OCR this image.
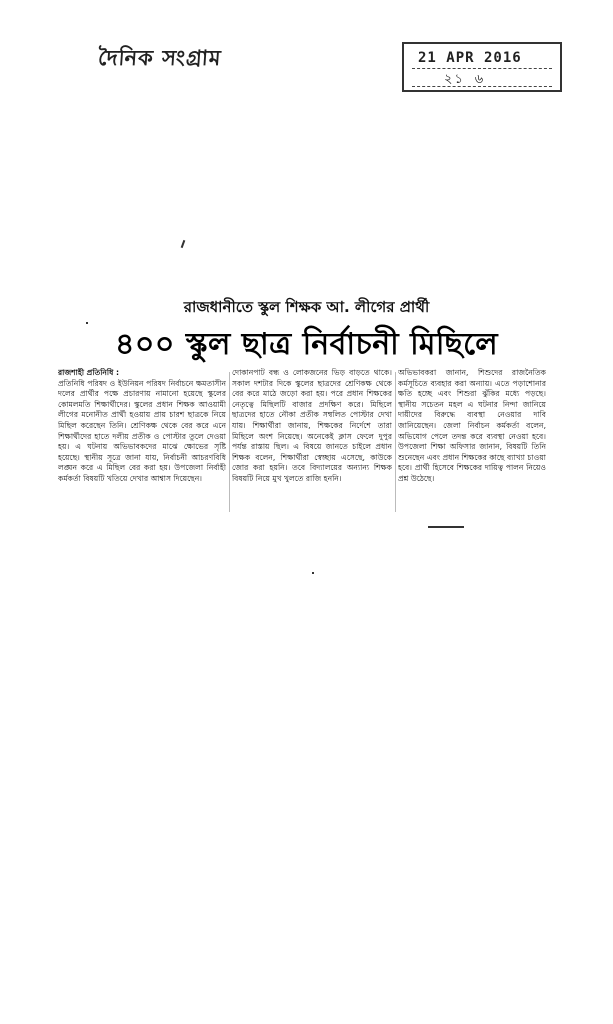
দৈনিক সংগ্রাম	21 APR 2016
২১ ৬
রাজধানীতে স্কুল শিক্ষক আ. লীগের প্রার্থী
৪০০ স্কুল ছাত্র নির্বাচনী মিছিলে

রাজশাহী প্রতিনিধি :

প্রতিনিধি পরিষদ ও ইউনিয়ন পরিষদ নির্বাচনে ক্ষমতাসীন দলের প্রার্থীর পক্ষে প্রচারণায় নামানো হয়েছে স্কুলের কোমলমতি শিক্ষার্থীদের। স্কুলের প্রধান শিক্ষক আওয়ামী লীগের মনোনীত প্রার্থী হওয়ায় প্রায় চারশ ছাত্রকে নিয়ে মিছিল করেছেন তিনি। শ্রেণিকক্ষ থেকে বের করে এনে শিক্ষার্থীদের হাতে দলীয় প্রতীক ও পোস্টার তুলে দেওয়া হয়। এ ঘটনায় অভিভাবকদের মাঝে ক্ষোভের সৃষ্টি হয়েছে। স্থানীয় সূত্রে জানা যায়, নির্বাচনী আচরণবিধি লঙ্ঘন করে এ মিছিল বের করা হয়। উপজেলা নির্বাহী কর্মকর্তা বিষয়টি খতিয়ে দেখার আশ্বাস দিয়েছেন।

দোকানপাট বন্ধ ও লোকজনের ভিড় বাড়তে থাকে। সকাল দশটার দিকে স্কুলের ছাত্রদের শ্রেণিকক্ষ থেকে বের করে মাঠে জড়ো করা হয়। পরে প্রধান শিক্ষকের নেতৃত্বে মিছিলটি বাজার প্রদক্ষিণ করে। মিছিলে ছাত্রদের হাতে নৌকা প্রতীক সম্বলিত পোস্টার দেখা যায়। শিক্ষার্থীরা জানায়, শিক্ষকের নির্দেশে তারা মিছিলে অংশ নিয়েছে। অনেকেই ক্লাস ফেলে দুপুর পর্যন্ত রাস্তায় ছিল। এ বিষয়ে জানতে চাইলে প্রধান শিক্ষক বলেন, শিক্ষার্থীরা স্বেচ্ছায় এসেছে, কাউকে জোর করা হয়নি। তবে বিদ্যালয়ের অন্যান্য শিক্ষক বিষয়টি নিয়ে মুখ খুলতে রাজি হননি।

অভিভাবকরা জানান, শিশুদের রাজনৈতিক কর্মসূচিতে ব্যবহার করা অন্যায়। এতে পড়াশোনার ক্ষতি হচ্ছে এবং শিশুরা ঝুঁকির মধ্যে পড়ছে। স্থানীয় সচেতন মহল এ ঘটনার নিন্দা জানিয়ে দায়ীদের বিরুদ্ধে ব্যবস্থা নেওয়ার দাবি জানিয়েছেন। জেলা নির্বাচন কর্মকর্তা বলেন, অভিযোগ পেলে তদন্ত করে ব্যবস্থা নেওয়া হবে। উপজেলা শিক্ষা অফিসার জানান, বিষয়টি তিনি শুনেছেন এবং প্রধান শিক্ষকের কাছে ব্যাখ্যা চাওয়া হবে। প্রার্থী হিসেবে শিক্ষকের দায়িত্ব পালন নিয়েও প্রশ্ন উঠেছে।
